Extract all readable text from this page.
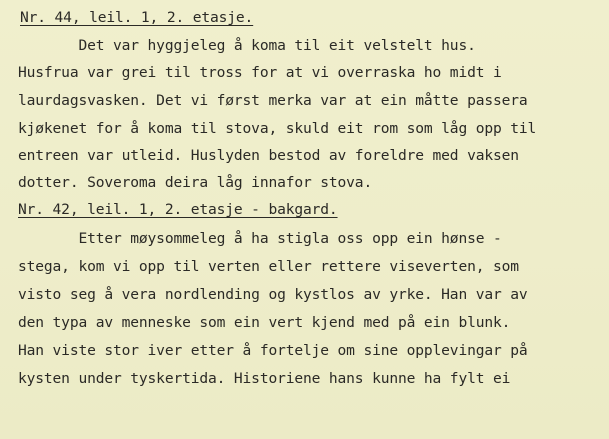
Nr. 44, leil. 1, 2. etasje.
Det var hyggjeleg å koma til eit velstelt hus.
Husfrua var grei til tross for at vi overraska ho midt i
laurdagsvasken. Det vi først merka var at ein måtte passera
kjøkenet for å koma til stova, skuld eit rom som låg opp til
entreen var utleid. Huslyden bestod av foreldre med vaksen
dotter. Soveroma deira låg innafor stova.
Nr. 42, leil. 1, 2. etasje - bakgard.
Etter møysommeleg å ha stigla oss opp ein hønse -
stega, kom vi opp til verten eller rettere viseverten, som
visto seg å vera nordlending og kystlos av yrke. Han var av
den typa av menneske som ein vert kjend med på ein blunk.
Han viste stor iver etter å fortelje om sine opplevingar på
kysten under tyskertida. Historiene hans kunne ha fylt ei
